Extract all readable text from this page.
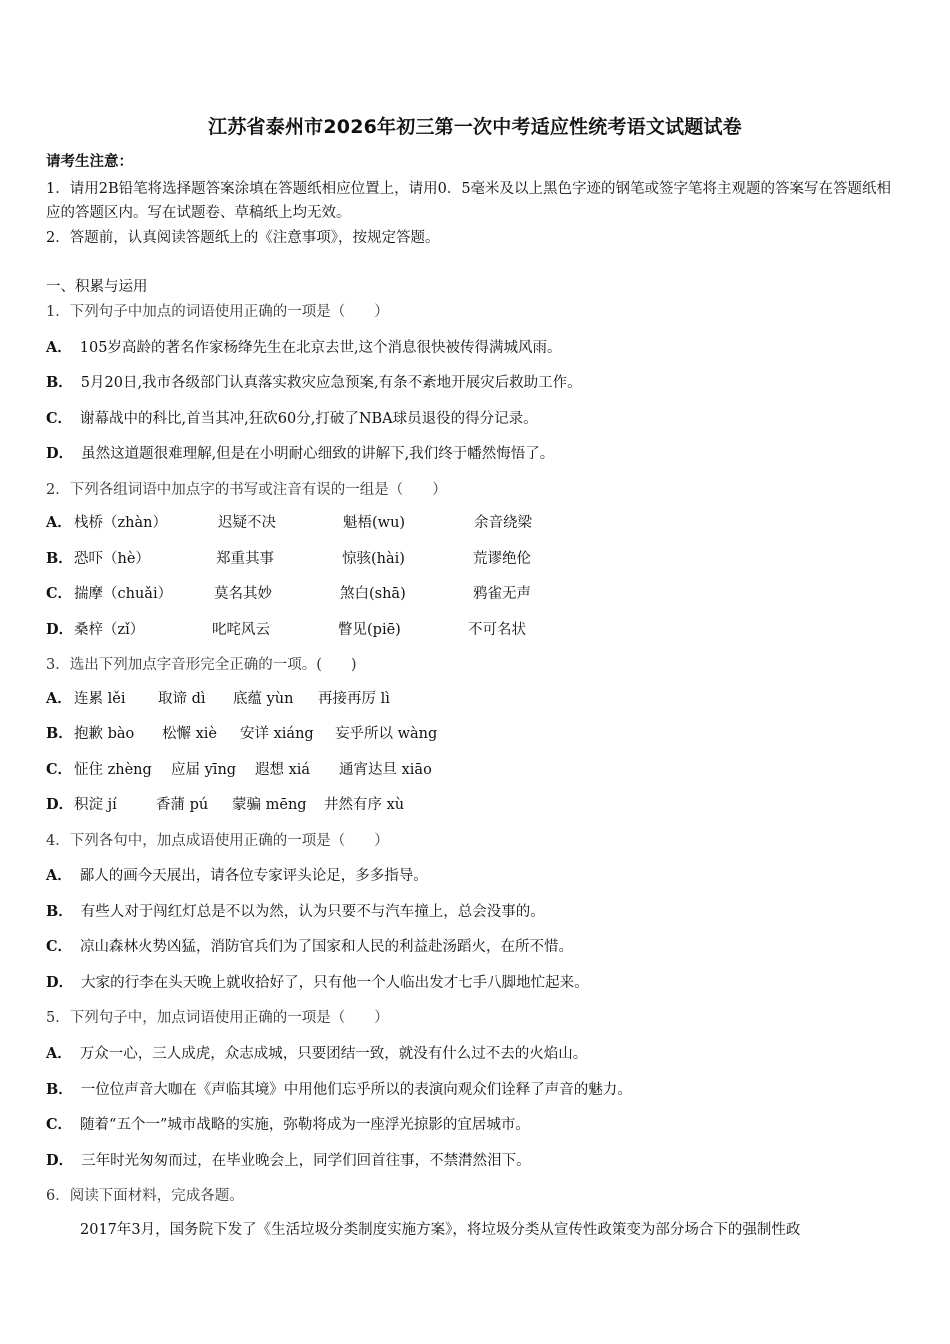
江苏省泰州市2026年初三第一次中考适应性统考语文试题试卷
请考生注意：
1．请用2B铅笔将选择题答案涂填在答题纸相应位置上，请用0．5毫米及以上黑色字迹的钢笔或签字笔将主观题的答案写在答题纸相应的答题区内。写在试题卷、草稿纸上均无效。
2．答题前，认真阅读答题纸上的《注意事项》，按规定答题。
一、积累与运用
1．下列句子中加点的词语使用正确的一项是（　　）
A． 105岁高龄的著名作家杨绛先生在北京去世,这个消息很快被传得满城风雨。
B． 5月20日,我市各级部门认真落实救灾应急预案,有条不紊地开展灾后救助工作。
C． 谢幕战中的科比,首当其冲,狂砍60分,打破了NBA球员退役的得分记录。
D． 虽然这道题很难理解,但是在小明耐心细致的讲解下,我们终于幡然悔悟了。
2．下列各组词语中加点字的书写或注音有误的一组是（　　）
A． 栈桥（zhàn）	迟疑不决	魁梧(wu)	余音绕梁
B． 恐吓（hè）	郑重其事	惊骇(hài)	荒谬绝伦
C． 揣摩（chuǎi）	莫名其妙	煞白(shā)	鸦雀无声
D． 桑梓（zǐ）	叱咤风云	瞥见(piē)	不可名状
3．选出下列加点字音形完全正确的一项。(　　)
A． 连累 lěi 取谛 dì 底蕴 yùn 再接再厉 lì
B． 抱歉 bào 松懈 xiè 安详 xiáng 妄乎所以 wàng
C． 怔住 zhèng 应届 yīng 遐想 xiá 通宵达旦 xiāo
D． 积淀 jí	香蒲 pú 蒙骗 mēng 井然有序 xù
4．下列各句中，加点成语使用正确的一项是（　　）
A． 鄙人的画今天展出，请各位专家评头论足，多多指导。
B． 有些人对于闯红灯总是不以为然，认为只要不与汽车撞上，总会没事的。
C． 凉山森林火势凶猛，消防官兵们为了国家和人民的利益赴汤蹈火，在所不惜。
D． 大家的行李在头天晚上就收拾好了，只有他一个人临出发才七手八脚地忙起来。
5．下列句子中，加点词语使用正确的一项是（　　）
A． 万众一心，三人成虎，众志成城，只要团结一致，就没有什么过不去的火焰山。
B． 一位位声音大咖在《声临其境》中用他们忘乎所以的表演向观众们诠释了声音的魅力。
C． 随着“五个一”城市战略的实施，弥勒将成为一座浮光掠影的宜居城市。
D． 三年时光匆匆而过，在毕业晚会上，同学们回首往事，不禁潸然泪下。
6．阅读下面材料，完成各题。
2017年3月，国务院下发了《生活垃圾分类制度实施方案》，将垃圾分类从宣传性政策变为部分场合下的强制性政
